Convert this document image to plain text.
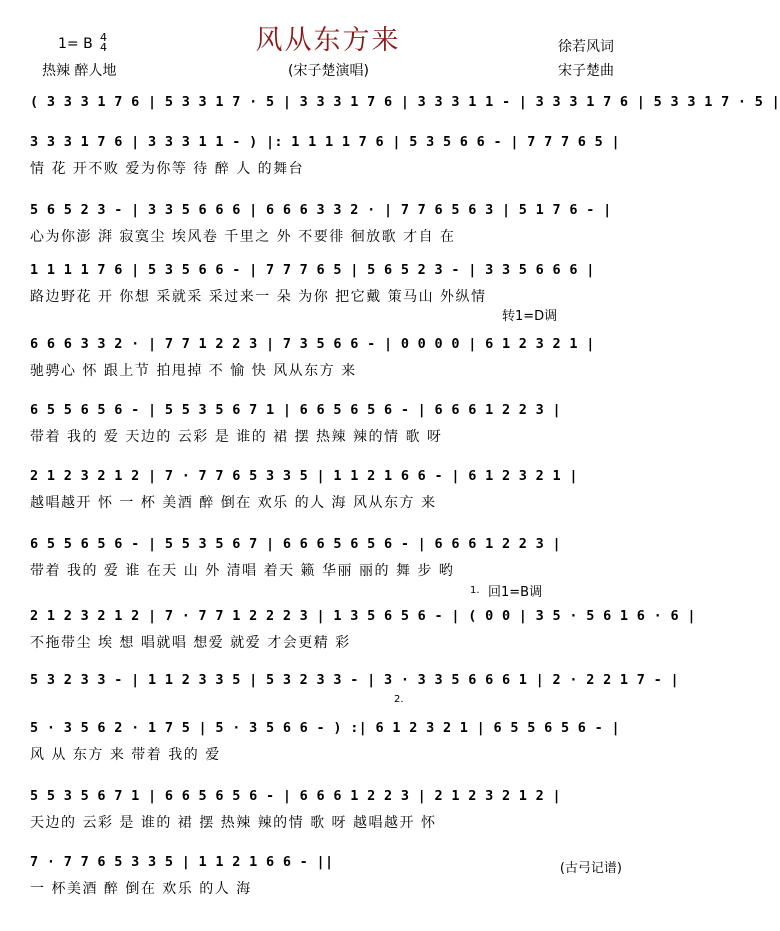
1= B 4
4	风从东方来	徐若风词
热辣 醉人地	(宋子楚演唱)	宋子楚曲
( 3 3 3 1 7 6 | 5 3 3 1 7 · 5 | 3 3 3 1 7 6 | 3 3 3 1 1 - | 3 3 3 1 7 6 | 5 3 3 1 7 · 5 |
3 3 3 1 7 6 | 3 3 3 1 1 - ) |: 1 1 1 1 7 6 | 5 3 5 6 6 - | 7 7 7 6 5 |
情 花 开不败 爱为你等 待 醉 人 的舞台
5 6 5 2 3 - | 3 3 5 6 6 6 | 6 6 6 3 3 2 · | 7 7 6 5 6 3 | 5 1 7 6 - |
心为你澎 湃 寂寞尘 埃风卷 千里之 外 不要徘 徊放歌 才自 在
1 1 1 1 7 6 | 5 3 5 6 6 - | 7 7 7 6 5 | 5 6 5 2 3 - | 3 3 5 6 6 6 |
路边野花 开 你想 采就采 采过来一 朵 为你 把它戴 策马山 外纵情
转1=D调
6 6 6 3 3 2 · | 7 7 1 2 2 3 | 7 3 5 6 6 - | 0 0 0 0 | 6 1 2 3 2 1 |
驰骋心 怀 跟上节 拍甩掉 不 愉 快 风从东方 来
6 5 5 6 5 6 - | 5 5 3 5 6 7 1 | 6 6 5 6 5 6 - | 6 6 6 1 2 2 3 |
带着 我的 爱 天边的 云彩 是 谁的 裙 摆 热辣 辣的情 歌 呀
2 1 2 3 2 1 2 | 7 · 7 7 6 5 3 3 5 | 1 1 2 1 6 6 - | 6 1 2 3 2 1 |
越唱越开 怀 一 杯 美酒 醉 倒在 欢乐 的人 海 风从东方 来
6 5 5 6 5 6 - | 5 5 3 5 6 7 | 6 6 6 5 6 5 6 - | 6 6 6 1 2 2 3 |
带着 我的 爱 谁 在天 山 外 清唱 着天 籁 华丽 丽的 舞 步 哟
1. 回1=B调
2 1 2 3 2 1 2 | 7 · 7 7 1 2 2 2 3 | 1 3 5 6 5 6 - | ( 0 0 | 3 5 · 5 6 1 6 · 6 |
不拖带尘 埃 想 唱就唱 想爱 就爱 才会更精 彩
5 3 2 3 3 - | 1 1 2 3 3 5 | 5 3 2 3 3 - | 3 · 3 3 5 6 6 6 1 | 2 · 2 2 1 7 - |
2.
5 · 3 5 6 2 · 1 7 5 | 5 · 3 5 6 6 - ) :| 6 1 2 3 2 1 | 6 5 5 6 5 6 - |
风 从 东方 来 带着 我的 爱
5 5 3 5 6 7 1 | 6 6 5 6 5 6 - | 6 6 6 1 2 2 3 | 2 1 2 3 2 1 2 |
天边的 云彩 是 谁的 裙 摆 热辣 辣的情 歌 呀 越唱越开 怀
7 · 7 7 6 5 3 3 5 | 1 1 2 1 6 6 - ||
一 杯美酒 醉 倒在 欢乐 的人 海
(古弓记谱)
